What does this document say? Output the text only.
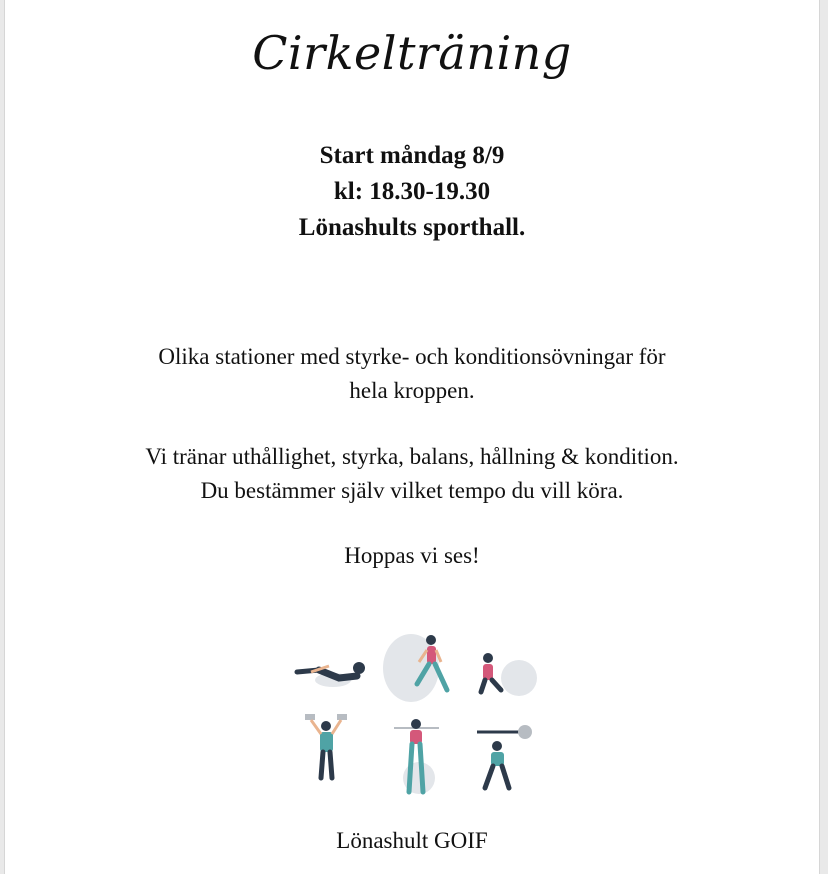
Cirkelträning
Start måndag 8/9
kl: 18.30-19.30
Lönashults sporthall.
Olika stationer med styrke- och konditionsövningar för
hela kroppen.
Vi tränar uthållighet, styrka, balans, hållning & kondition.
Du bestämmer själv vilket tempo du vill köra.
Hoppas vi ses!
Lönashult GOIF
